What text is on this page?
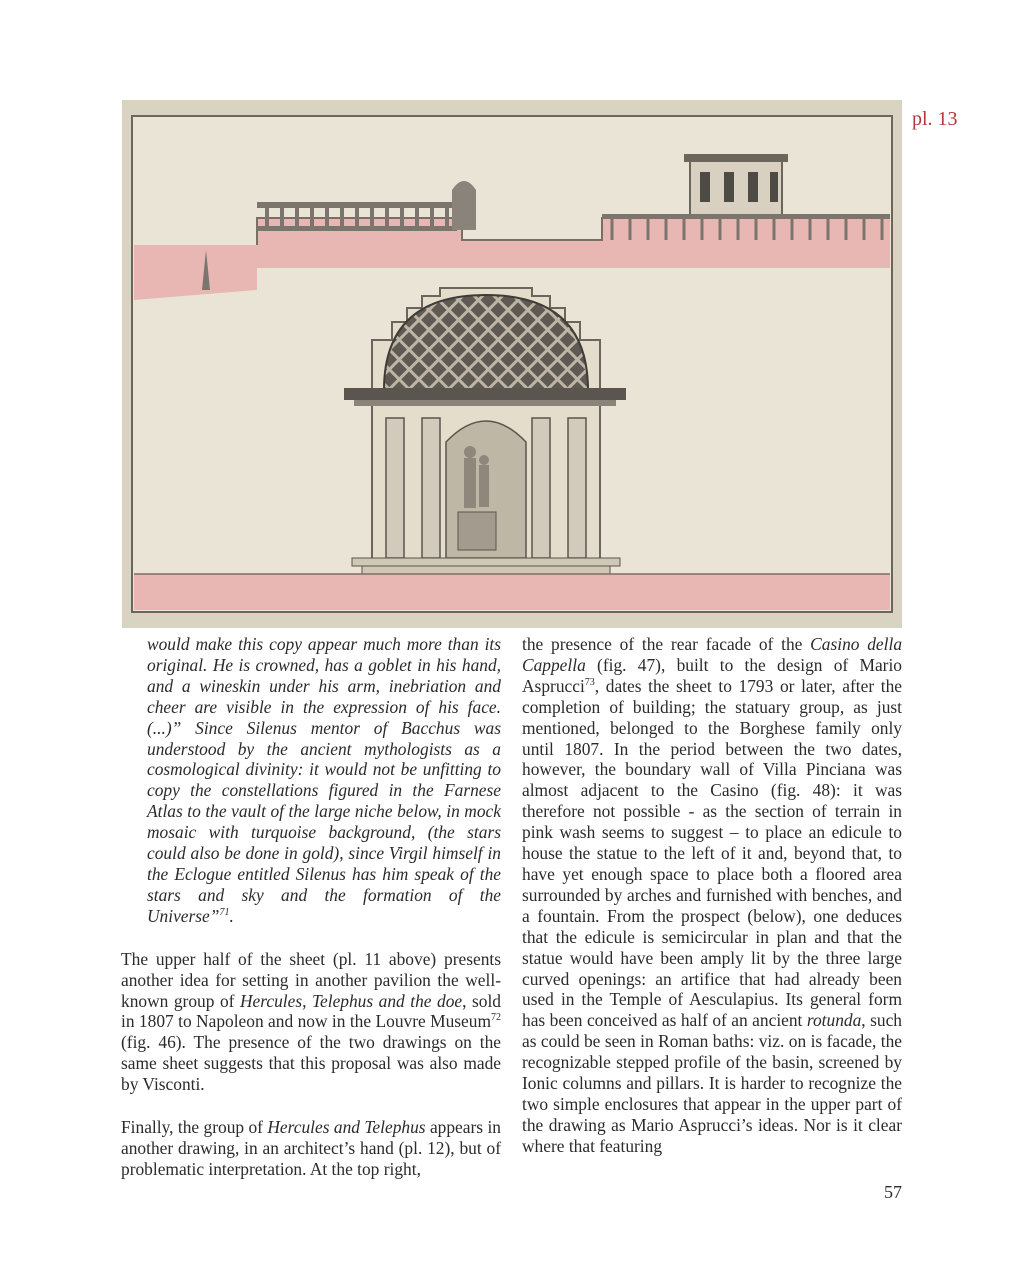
pl. 13

would make this copy appear much more than its original. He is crowned, has a goblet in his hand, and a wineskin under his arm, inebriation and cheer are visible in the expression of his face. (...)” Since Silenus mentor of Bacchus was understood by the ancient mythologists as a cosmological divinity: it would not be unfitting to copy the constellations figured in the Farnese Atlas to the vault of the large niche below, in mock mosaic with turquoise background, (the stars could also be done in gold), since Virgil himself in the Eclogue entitled Silenus has him speak of the stars and sky and the formation of the Universe”$^{71}$.

The upper half of the sheet (pl. 11 above) presents another idea for setting in another pavilion the well-known group of Hercules, Telephus and the doe, sold in 1807 to Napoleon and now in the Louvre Museum$^{72}$ (fig. 46). The presence of the two drawings on the same sheet suggests that this proposal was also made by Visconti.

Finally, the group of Hercules and Telephus appears in another drawing, in an architect’s hand (pl. 12), but of problematic interpretation. At the top right,

the presence of the rear facade of the Casino della Cappella (fig. 47), built to the design of Mario Asprucci$^{73}$, dates the sheet to 1793 or later, after the completion of building; the statuary group, as just mentioned, belonged to the Borghese family only until 1807. In the period between the two dates, however, the boundary wall of Villa Pinciana was almost adjacent to the Casino (fig. 48): it was therefore not possible - as the section of terrain in pink wash seems to suggest – to place an edicule to house the statue to the left of it and, beyond that, to have yet enough space to place both a floored area surrounded by arches and furnished with benches, and a fountain. From the prospect (below), one deduces that the edicule is semicircular in plan and that the statue would have been amply lit by the three large curved openings: an artifice that had already been used in the Temple of Aesculapius. Its general form has been conceived as half of an ancient rotunda, such as could be seen in Roman baths: viz. on is facade, the recognizable stepped profile of the basin, screened by Ionic columns and pillars. It is harder to recognize the two simple enclosures that appear in the upper part of the drawing as Mario Asprucci’s ideas. Nor is it clear where that featuring

57
